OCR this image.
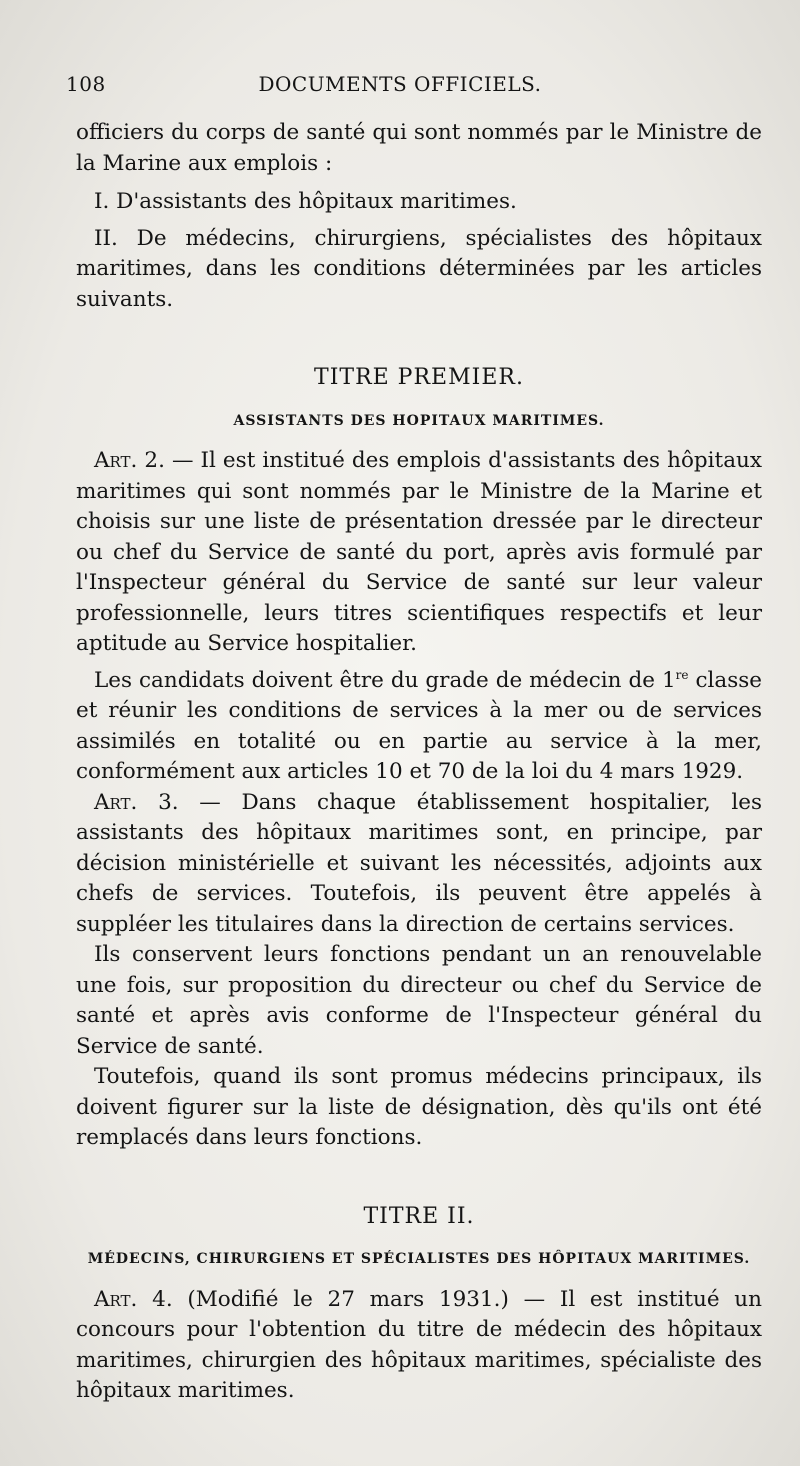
108	DOCUMENTS OFFICIELS.

officiers du corps de santé qui sont nommés par le Ministre de la Marine aux emplois :

I. D'assistants des hôpitaux maritimes.

II. De médecins, chirurgiens, spécialistes des hôpitaux maritimes, dans les conditions déterminées par les articles suivants.

TITRE PREMIER.
ASSISTANTS DES HOPITAUX MARITIMES.

Art. 2. — Il est institué des emplois d'assistants des hôpitaux maritimes qui sont nommés par le Ministre de la Marine et choisis sur une liste de présentation dressée par le directeur ou chef du Service de santé du port, après avis formulé par l'Inspecteur général du Service de santé sur leur valeur professionnelle, leurs titres scientifiques respectifs et leur aptitude au Service hospitalier.

Les candidats doivent être du grade de médecin de 1re classe et réunir les conditions de services à la mer ou de services assimilés en totalité ou en partie au service à la mer, conformément aux articles 10 et 70 de la loi du 4 mars 1929.

Art. 3. — Dans chaque établissement hospitalier, les assistants des hôpitaux maritimes sont, en principe, par décision ministérielle et suivant les nécessités, adjoints aux chefs de services. Toutefois, ils peuvent être appelés à suppléer les titulaires dans la direction de certains services.

Ils conservent leurs fonctions pendant un an renouvelable une fois, sur proposition du directeur ou chef du Service de santé et après avis conforme de l'Inspecteur général du Service de santé.

Toutefois, quand ils sont promus médecins principaux, ils doivent figurer sur la liste de désignation, dès qu'ils ont été remplacés dans leurs fonctions.

TITRE II.
MÉDECINS, CHIRURGIENS ET SPÉCIALISTES DES HÔPITAUX MARITIMES.

Art. 4. (Modifié le 27 mars 1931.) — Il est institué un concours pour l'obtention du titre de médecin des hôpitaux maritimes, chirurgien des hôpitaux maritimes, spécialiste des hôpitaux maritimes.
